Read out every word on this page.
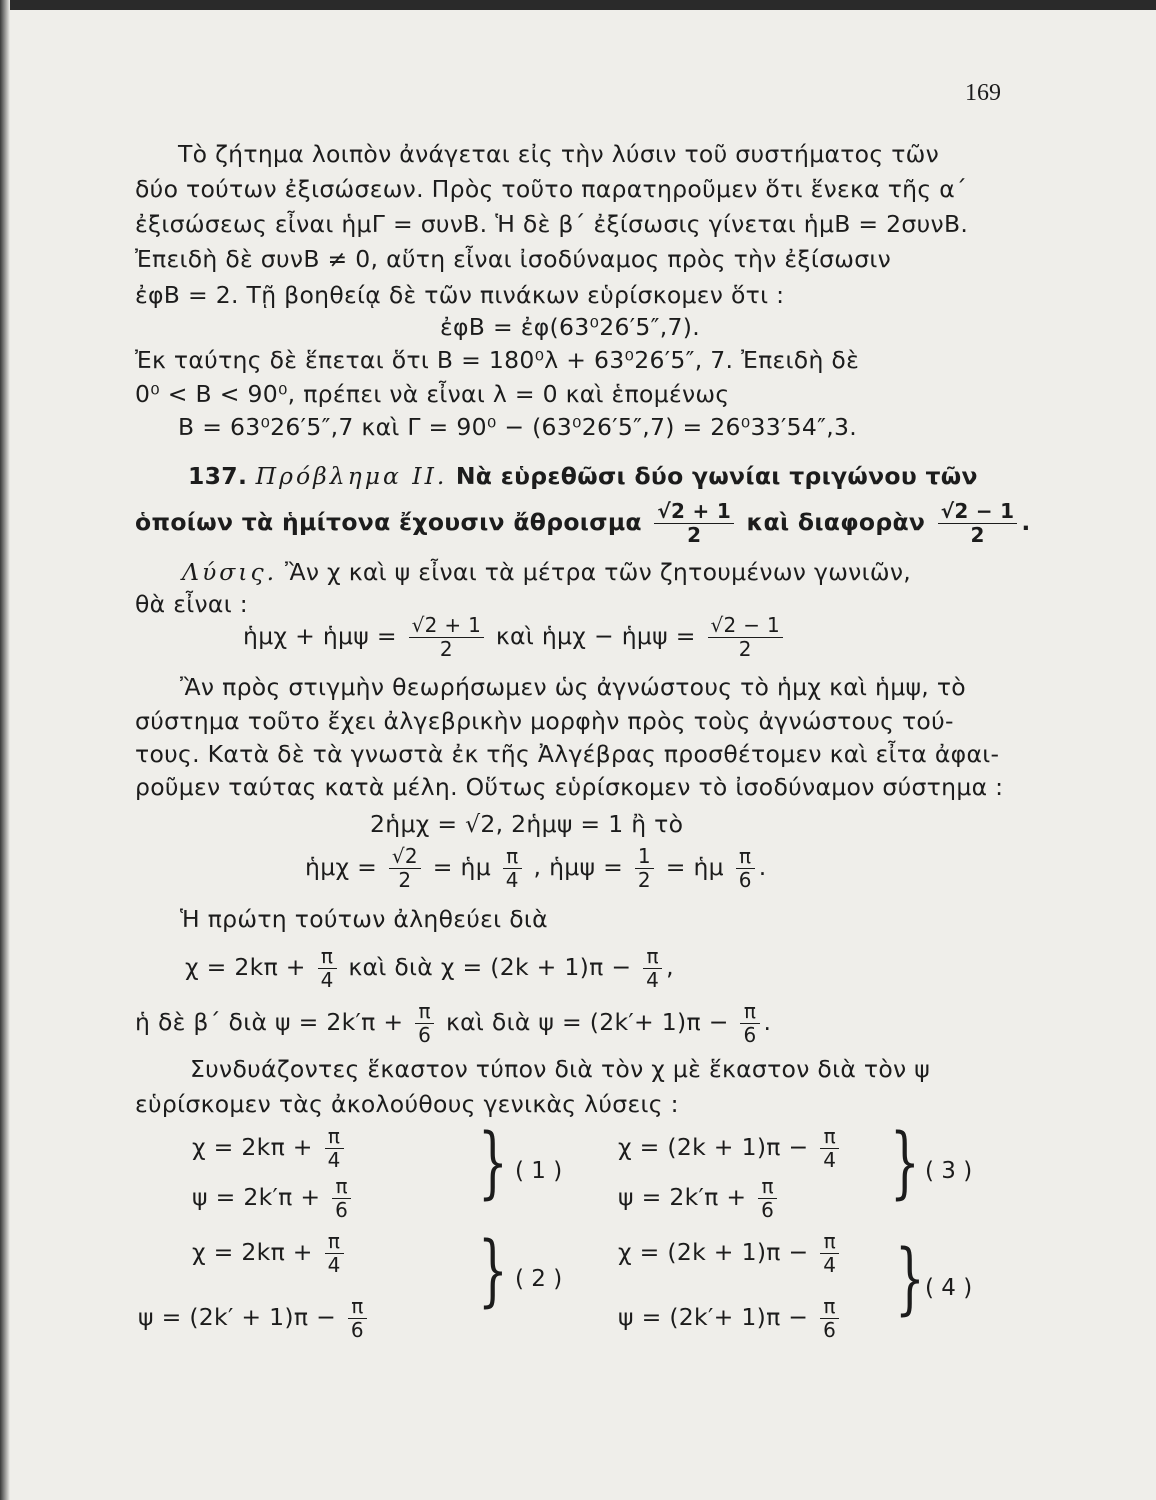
169
Τὸ ζήτημα λοιπὸν ἀνάγεται εἰς τὴν λύσιν τοῦ συστήματος τῶν
δύο τούτων ἐξισώσεων. Πρὸς τοῦτο παρατηροῦμεν ὅτι ἕνεκα τῆς α΄
ἐξισώσεως εἶναι ἡμΓ = συνΒ. Ἡ δὲ β΄ ἐξίσωσις γίνεται ἡμΒ = 2συνΒ.
Ἐπειδὴ δὲ συνΒ ≠ 0, αὕτη εἶναι ἰσοδύναμος πρὸς τὴν ἐξίσωσιν
ἐφΒ = 2. Τῇ βοηθείᾳ δὲ τῶν πινάκων εὑρίσκομεν ὅτι :
ἐφΒ = ἐφ(63⁰26′5″,7).
Ἐκ ταύτης δὲ ἕπεται ὅτι Β = 180⁰λ + 63⁰26′5″, 7. Ἐπειδὴ δὲ
0⁰ < Β < 90⁰, πρέπει νὰ εἶναι λ = 0 καὶ ἑπομένως
Β = 63⁰26′5″,7 καὶ Γ = 90⁰ − (63⁰26′5″,7) = 26⁰33′54″,3.
137. Πρόβλημα ΙΙ. Νὰ εὑρεθῶσι δύο γωνίαι τριγώνου τῶν
ὁποίων τὰ ἡμίτονα ἔχουσιν ἄθροισμα $\frac{√2 + 1}{2}$ καὶ διαφορὰν $\frac{√2 - 1}{2}$ .
Λύσις. Ἂν χ καὶ ψ εἶναι τὰ μέτρα τῶν ζητουμένων γωνιῶν,
θὰ εἶναι :
ἡμχ + ἡμψ = $\frac{√2 + 1}{2}$ καὶ ἡμχ − ἡμψ = $\frac{√2 - 1}{2}$
Ἂν πρὸς στιγμὴν θεωρήσωμεν ὡς ἀγνώστους τὸ ἡμχ καὶ ἡμψ, τὸ
σύστημα τοῦτο ἔχει ἀλγεβρικὴν μορφὴν πρὸς τοὺς ἀγνώστους τού-
τους. Κατὰ δὲ τὰ γνωστὰ ἐκ τῆς Ἀλγέβρας προσθέτομεν καὶ εἶτα ἀφαι-
ροῦμεν ταύτας κατὰ μέλη. Οὕτως εὑρίσκομεν τὸ ἰσοδύναμον σύστημα :
2ἡμχ = √2, 2ἡμψ = 1 ἢ τὸ
ἡμχ = $\frac{√2}{2}$ = ἡμ $\frac{\pi}{4}$ , ἡμψ = $\frac{1}{2}$ = ἡμ $\frac{\pi}{6}$ .
Ἡ πρώτη τούτων ἀληθεύει διὰ
$\chi = 2k\pi + \frac{\pi}{4}$ καὶ διὰ $\chi = (2k + 1)\pi - \frac{\pi}{4}$ ,
ἡ δὲ β΄ διὰ $\psi = 2k'\pi + \frac{\pi}{6}$ καὶ διὰ $\psi = (2k'+ 1)\pi - \frac{\pi}{6}$ .
Συνδυάζοντες ἕκαστον τύπον διὰ τὸν χ μὲ ἕκαστον διὰ τὸν ψ
εὑρίσκομεν τὰς ἀκολούθους γενικὰς λύσεις :
$\chi = 2k\pi + \frac{\pi}{4}$
$\psi = 2k'\pi + \frac{\pi}{6}$ } ( 1 )
$\chi = (2k + 1)\pi - \frac{\pi}{4}$
$\psi = 2k'\pi + \frac{\pi}{6}$ } ( 3 )
$\chi = 2k\pi + \frac{\pi}{4}$
$\psi = (2k' + 1)\pi - \frac{\pi}{6}$
} ( 2 )
$\chi = (2k + 1)\pi - \frac{\pi}{4}$
$\psi = (2k'+ 1)\pi - \frac{\pi}{6}$ } ( 4 )
